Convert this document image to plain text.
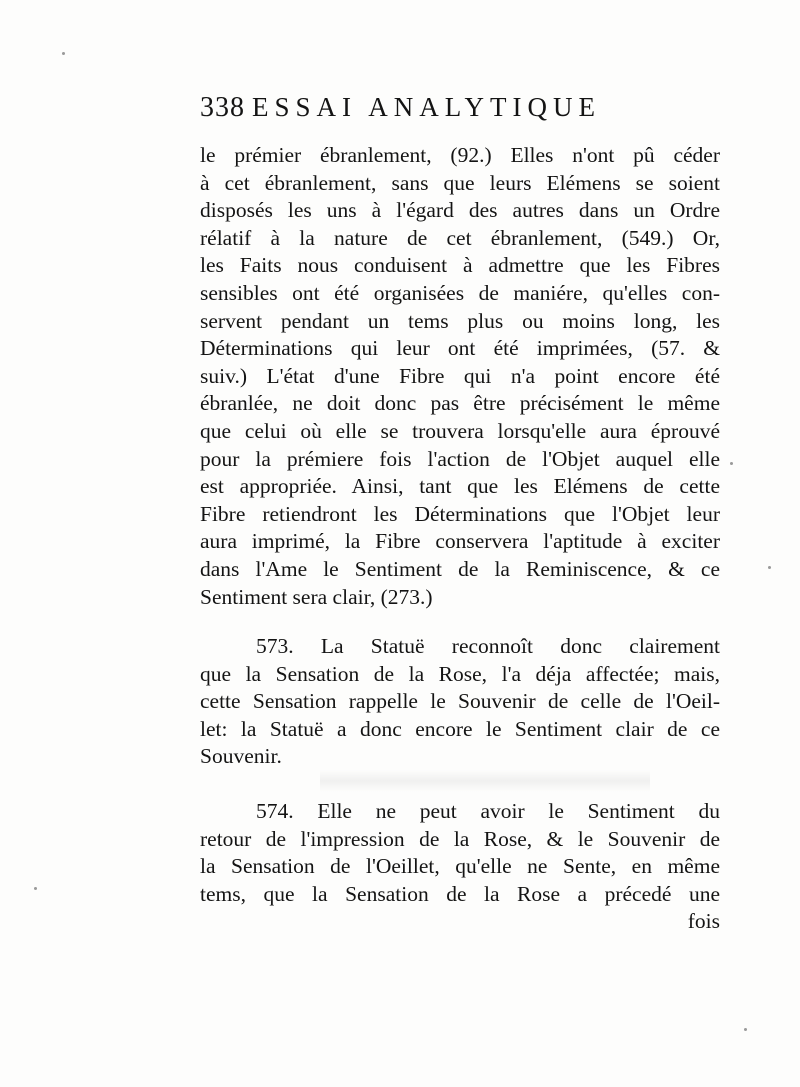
338 ESSAI ANALYTIQUE
le prémier ébranlement, (92.) Elles n'ont pû céder
à cet ébranlement, sans que leurs Elémens se soient
disposés les uns à l'égard des autres dans un Ordre
rélatif à la nature de cet ébranlement, (549.) Or,
les Faits nous conduisent à admettre que les Fibres
sensibles ont été organisées de maniére, qu'elles con-
servent pendant un tems plus ou moins long, les
Déterminations qui leur ont été imprimées, (57. &
suiv.) L'état d'une Fibre qui n'a point encore été
ébranlée, ne doit donc pas être précisément le même
que celui où elle se trouvera lorsqu'elle aura éprouvé
pour la prémiere fois l'action de l'Objet auquel elle
est appropriée. Ainsi, tant que les Elémens de cette
Fibre retiendront les Déterminations que l'Objet leur
aura imprimé, la Fibre conservera l'aptitude à exciter
dans l'Ame le Sentiment de la Reminiscence, & ce
Sentiment sera clair, (273.)
573. La Statuë reconnoît donc clairement
que la Sensation de la Rose, l'a déja affectée; mais,
cette Sensation rappelle le Souvenir de celle de l'Oeil-
let: la Statuë a donc encore le Sentiment clair de ce
Souvenir.
574. Elle ne peut avoir le Sentiment du
retour de l'impression de la Rose, & le Souvenir de
la Sensation de l'Oeillet, qu'elle ne Sente, en même
tems, que la Sensation de la Rose a précedé une
fois
